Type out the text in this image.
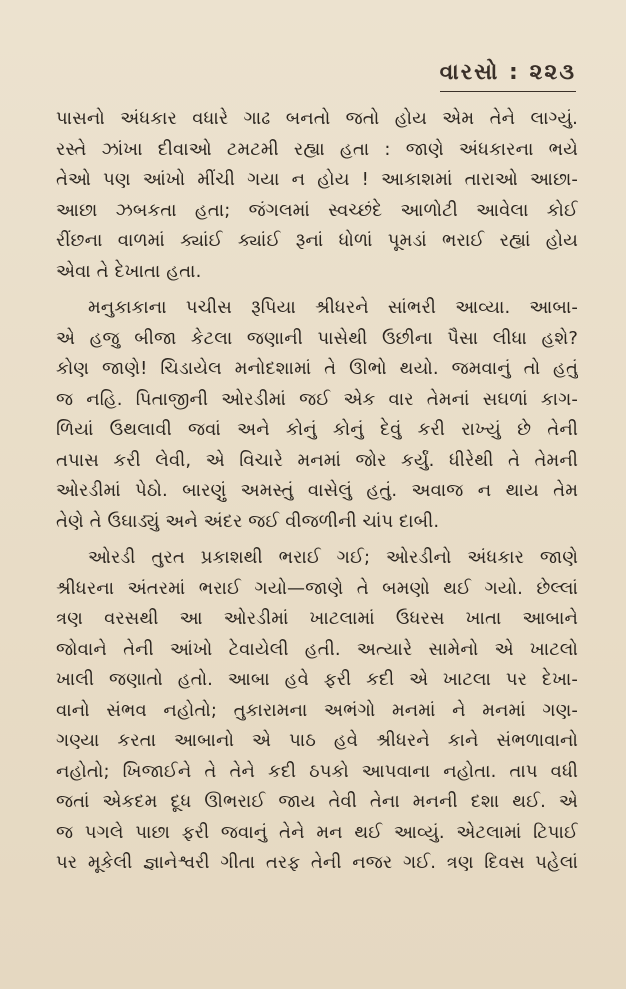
વારસો : ૨૨૩
પાસનો અંધકાર વધારે ગાઢ બનતો જતો હોય એમ તેને લાગ્યું.
રસ્તે ઝાંખા દીવાઓ ટમટમી રહ્યા હતા : જાણે અંધકારના ભયે
તેઓ પણ આંખો મીંચી ગયા ન હોય ! આકાશમાં તારાઓ આછા-
આછા ઝબકતા હતા; જંગલમાં સ્વચ્છંદે આળોટી આવેલા કોઈ
રીંછના વાળમાં ક્યાંઈ ક્યાંઈ રૂનાં ધોળાં પૂમડાં ભરાઈ રહ્યાં હોય
એવા તે દેખાતા હતા.
મનુકાકાના પચીસ રૂપિયા શ્રીધરને સાંભરી આવ્યા. આબા-
એ હજુ બીજા કેટલા જણાની પાસેથી ઉછીના પૈસા લીધા હશે?
કોણ જાણે! ચિડાયેલ મનોદશામાં તે ઊભો થયો. જમવાનું તો હતું
જ નહિ. પિતાજીની ઓરડીમાં જઈ એક વાર તેમનાં સઘળાં કાગ-
ળિયાં ઉથલાવી જવાં અને કોનું કોનું દેવું કરી રાખ્યું છે તેની
તપાસ કરી લેવી, એ વિચારે મનમાં જોર કર્યું. ધીરેથી તે તેમની
ઓરડીમાં પેઠો. બારણું અમસ્તું વાસેલું હતું. અવાજ ન થાય તેમ
તેણે તે ઉઘાડ્યું અને અંદર જઈ વીજળીની ચાંપ દાબી.
ઓરડી તુરત પ્રકાશથી ભરાઈ ગઈ; ઓરડીનો અંધકાર જાણે
શ્રીધરના અંતરમાં ભરાઈ ગયો—જાણે તે બમણો થઈ ગયો. છેલ્લાં
ત્રણ વરસથી આ ઓરડીમાં ખાટલામાં ઉધરસ ખાતા આબાને
જોવાને તેની આંખો ટેવાયેલી હતી. અત્યારે સામેનો એ ખાટલો
ખાલી જણાતો હતો. આબા હવે ફરી કદી એ ખાટલા પર દેખા-
વાનો સંભવ નહોતો; તુકારામના અભંગો મનમાં ને મનમાં ગણ-
ગણ્યા કરતા આબાનો એ પાઠ હવે શ્રીધરને કાને સંભળાવાનો
નહોતો; ખિજાઈને તે તેને કદી ઠપકો આપવાના નહોતા. તાપ વધી
જતાં એકદમ દૂધ ઊભરાઈ જાય તેવી તેના મનની દશા થઈ. એ
જ પગલે પાછા ફરી જવાનું તેને મન થઈ આવ્યું. એટલામાં ટિપાઈ
પર મૂકેલી જ્ઞાનેશ્વરી ગીતા તરફ તેની નજર ગઈ. ત્રણ દિવસ પહેલાં
